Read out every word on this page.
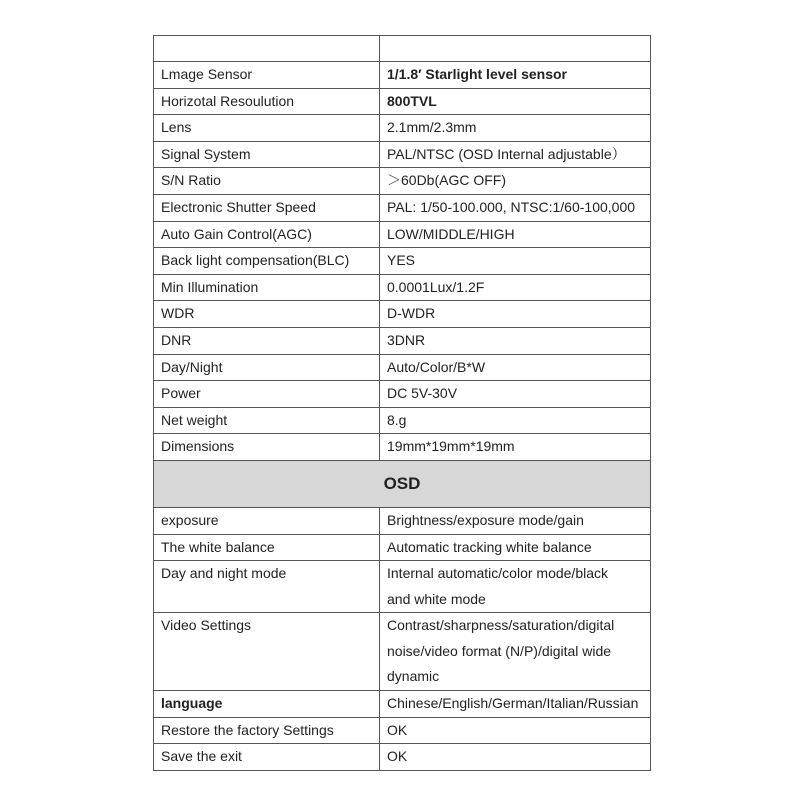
Lmage Sensor	1/1.8′ Starlight level sensor
Horizotal Resoulution	800TVL
Lens	2.1mm/2.3mm
Signal System	PAL/NTSC (OSD Internal adjustable）
S/N Ratio	＞60Db(AGC OFF)
Electronic Shutter Speed	PAL: 1/50-100.000, NTSC:1/60-100,000
Auto Gain Control(AGC)	LOW/MIDDLE/HIGH
Back light compensation(BLC)	YES
Min Illumination	0.0001Lux/1.2F
WDR	D-WDR
DNR	3DNR
Day/Night	Auto/Color/B*W
Power	DC 5V-30V
Net weight	8.g
Dimensions	19mm*19mm*19mm
OSD	
exposure	Brightness/exposure mode/gain
The white balance	Automatic tracking white balance
Day and night mode	Internal automatic/color mode/black
and white mode

Video Settings	Contrast/sharpness/saturation/digital
noise/video format (N/P)/digital wide
dynamic

language	Chinese/English/German/Italian/Russian
Restore the factory Settings	OK
Save the exit	OK
